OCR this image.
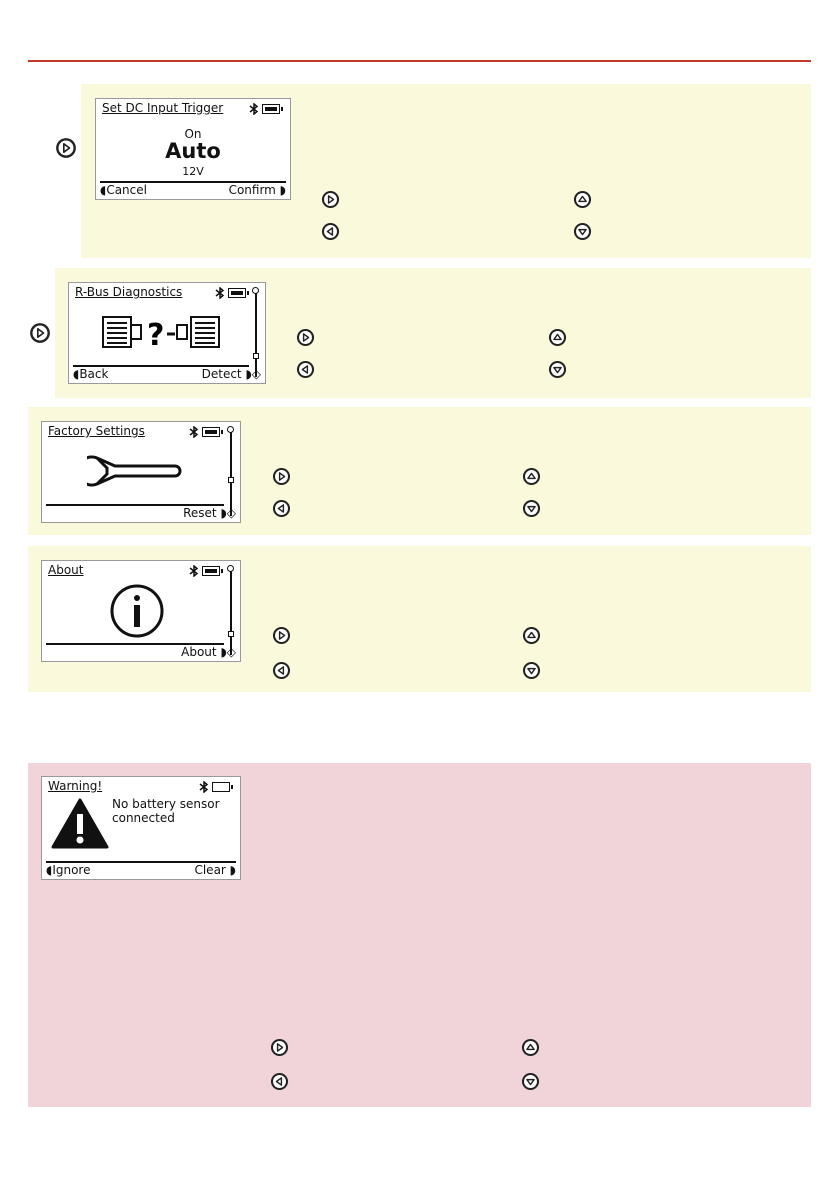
Set DC Input Trigger
On
Auto
12V
◖Cancel	Confirm ◗
R-Bus Diagnostics
?
◖Back	Detect ◗◇
Factory Settings
Reset ◗◇
About
About ◗◇
Warning!
No battery sensor
connected
◖Ignore	Clear ◗
